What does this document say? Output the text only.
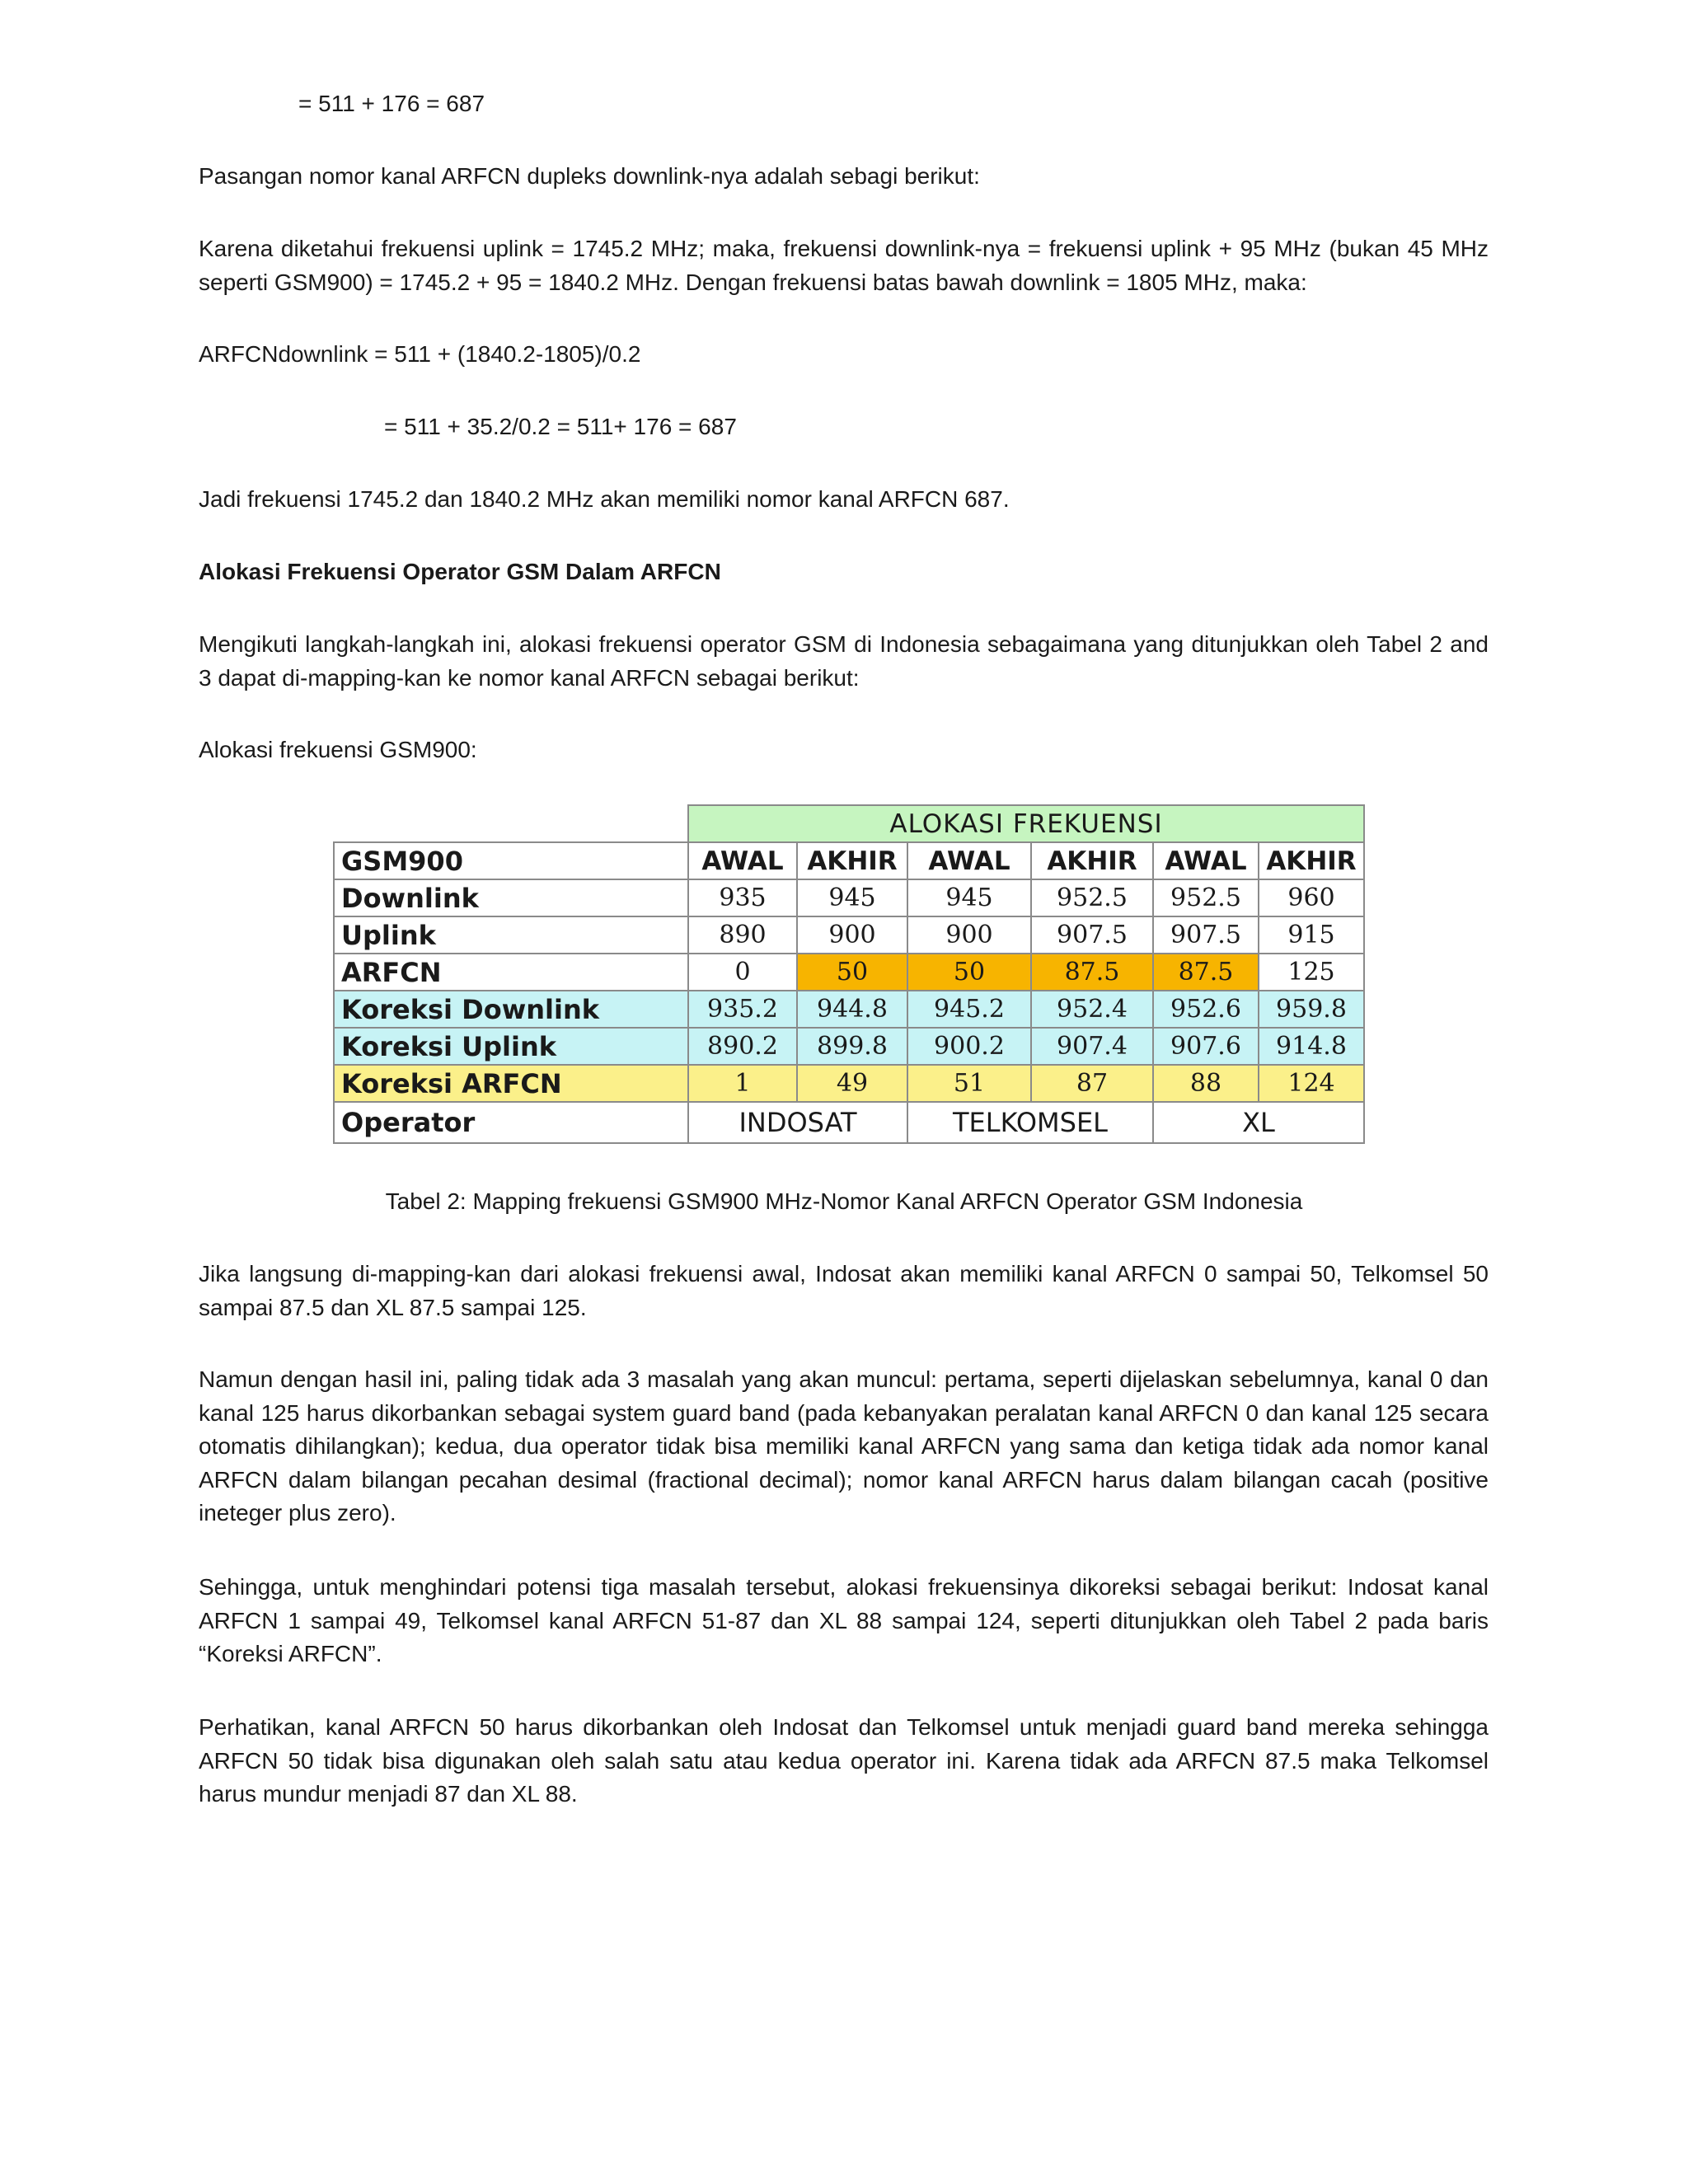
= 511 + 176 = 687
Pasangan nomor kanal ARFCN dupleks downlink-nya adalah sebagi berikut:
Karena diketahui frekuensi uplink = 1745.2 MHz; maka, frekuensi downlink-nya = frekuensi uplink + 95 MHz (bukan 45 MHz seperti GSM900) = 1745.2 + 95 = 1840.2 MHz. Dengan frekuensi batas bawah downlink = 1805 MHz, maka:
ARFCNdownlink = 511 + (1840.2-1805)/0.2
= 511 + 35.2/0.2 = 511+ 176 = 687
Jadi frekuensi 1745.2 dan 1840.2 MHz akan memiliki nomor kanal ARFCN 687.
Alokasi Frekuensi Operator GSM Dalam ARFCN
Mengikuti langkah-langkah ini, alokasi frekuensi operator GSM di Indonesia sebagaimana yang ditunjukkan oleh Tabel 2 and 3 dapat di-mapping-kan ke nomor kanal ARFCN sebagai berikut:
Alokasi frekuensi GSM900:
	ALOKASI FREKUENSI					
GSM900	AWAL	AKHIR	AWAL	AKHIR	AWAL	AKHIR
Downlink	935	945	945	952.5	952.5	960
Uplink	890	900	900	907.5	907.5	915
ARFCN	0	50	50	87.5	87.5	125
Koreksi Downlink	935.2	944.8	945.2	952.4	952.6	959.8
Koreksi Uplink	890.2	899.8	900.2	907.4	907.6	914.8
Koreksi ARFCN	1	49	51	87	88	124
Operator	INDOSAT		TELKOMSEL		XL	
Tabel 2: Mapping frekuensi GSM900 MHz-Nomor Kanal ARFCN Operator GSM Indonesia
Jika langsung di-mapping-kan dari alokasi frekuensi awal, Indosat akan memiliki kanal ARFCN 0 sampai 50, Telkomsel 50 sampai 87.5 dan XL 87.5 sampai 125.
Namun dengan hasil ini, paling tidak ada 3 masalah yang akan muncul: pertama, seperti dijelaskan sebelumnya, kanal 0 dan kanal 125 harus dikorbankan sebagai system guard band (pada kebanyakan peralatan kanal ARFCN 0 dan kanal 125 secara otomatis dihilangkan); kedua, dua operator tidak bisa memiliki kanal ARFCN yang sama dan ketiga tidak ada nomor kanal ARFCN dalam bilangan pecahan desimal (fractional decimal); nomor kanal ARFCN harus dalam bilangan cacah (positive ineteger plus zero).
Sehingga, untuk menghindari potensi tiga masalah tersebut, alokasi frekuensinya dikoreksi sebagai berikut: Indosat kanal ARFCN 1 sampai 49, Telkomsel kanal ARFCN 51-87 dan XL 88 sampai 124, seperti ditunjukkan oleh Tabel 2 pada baris “Koreksi ARFCN”.
Perhatikan, kanal ARFCN 50 harus dikorbankan oleh Indosat dan Telkomsel untuk menjadi guard band mereka sehingga ARFCN 50 tidak bisa digunakan oleh salah satu atau kedua operator ini. Karena tidak ada ARFCN 87.5 maka Telkomsel harus mundur menjadi 87 dan XL 88.
